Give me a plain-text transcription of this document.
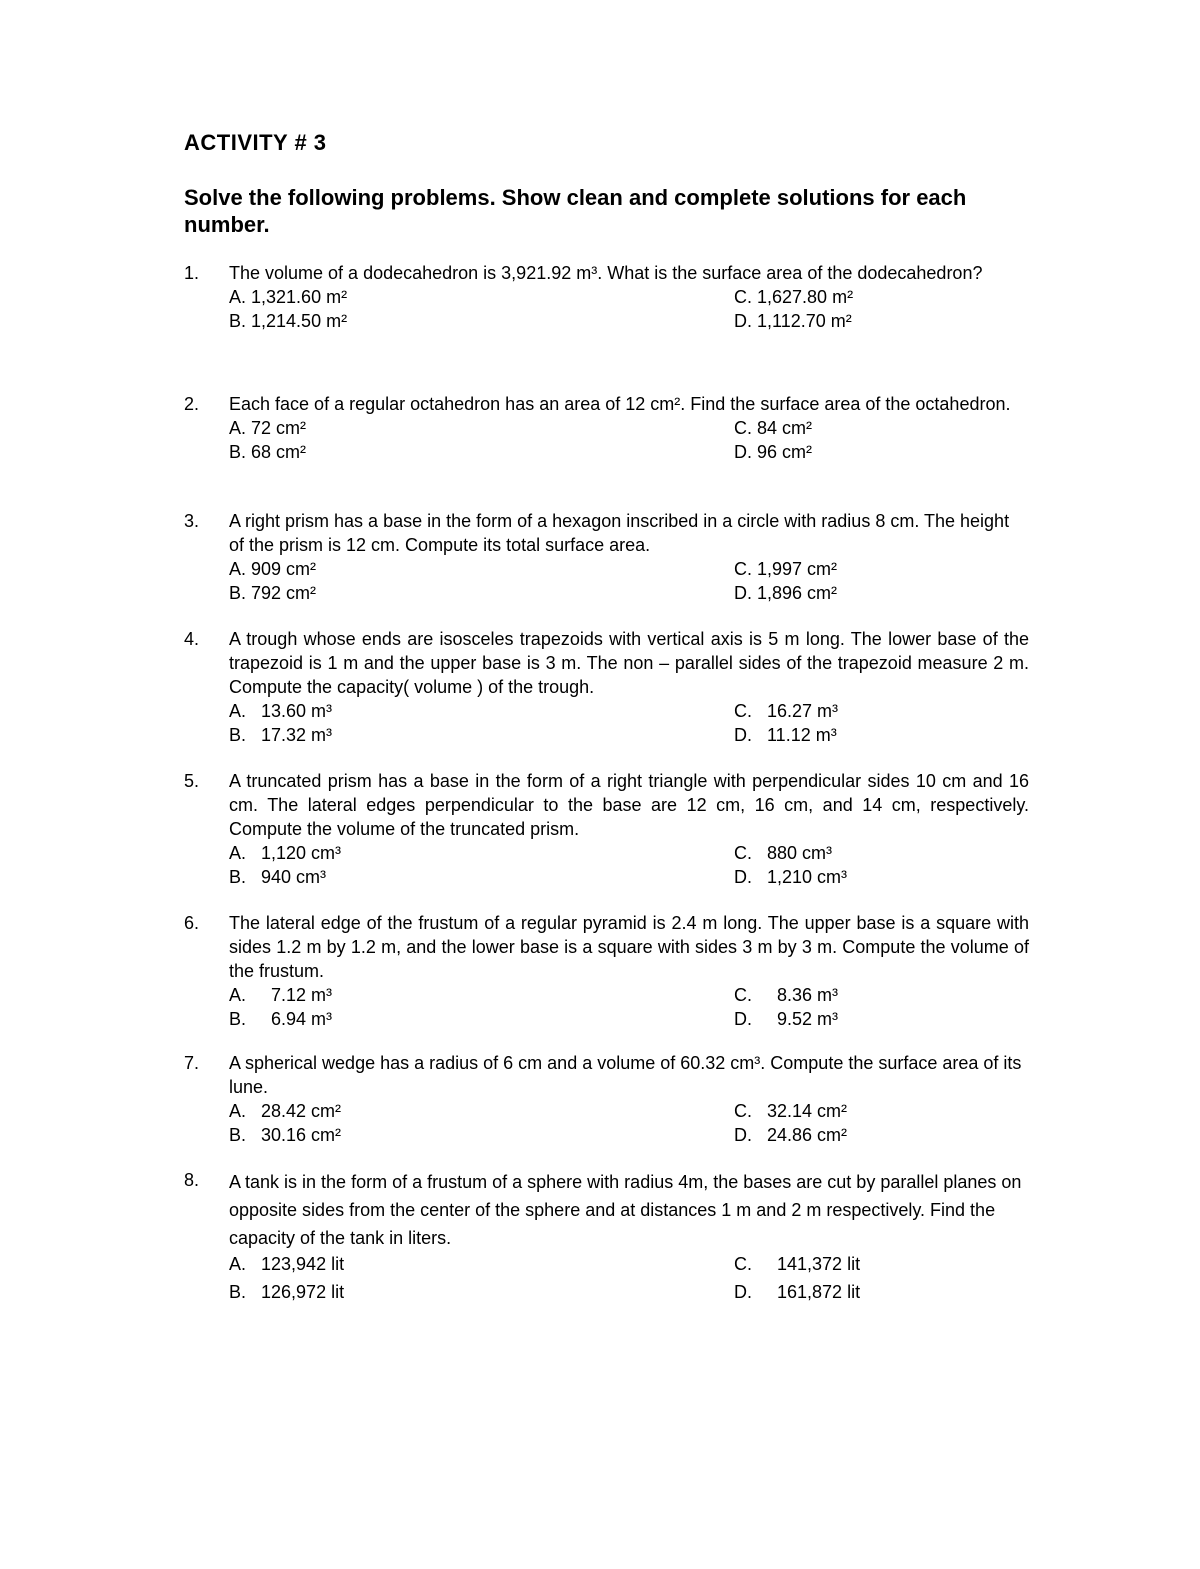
ACTIVITY # 3
Solve the following problems. Show clean and complete solutions for each number.
1.	The volume of a dodecahedron is 3,921.92 m³. What is the surface area of the dodecahedron?
A. 1,321.60 m²
B. 1,214.50 m²
C. 1,627.80 m²
D. 1,112.70 m²
2.	Each face of a regular octahedron has an area of 12 cm². Find the surface area of the octahedron.
A. 72 cm²
B. 68 cm²
C. 84 cm²
D. 96 cm²
3.	A right prism has a base in the form of a hexagon inscribed in a circle with radius 8 cm. The height of the prism is 12 cm. Compute its total surface area.
A. 909 cm²
B. 792 cm²
C. 1,997 cm²
D. 1,896 cm²
4.	A trough whose ends are isosceles trapezoids with vertical axis is 5 m long. The lower base of the trapezoid is 1 m and the upper base is 3 m. The non – parallel sides of the trapezoid measure 2 m. Compute the capacity( volume ) of the trough.
A.   13.60 m³
B.   17.32 m³
C.   16.27 m³
D.   11.12 m³
5.	A truncated prism has a base in the form of a right triangle with perpendicular sides 10 cm and 16 cm. The lateral edges perpendicular to the base are 12 cm, 16 cm, and 14 cm, respectively. Compute the volume of the truncated prism.
A.   1,120 cm³
B.   940 cm³
C.   880 cm³
D.   1,210 cm³
6.	The lateral edge of the frustum of a regular pyramid is 2.4 m long. The upper base is a square with sides 1.2 m by 1.2 m, and the lower base is a square with sides 3 m by 3 m. Compute the volume of the frustum.
A.     7.12 m³
B.     6.94 m³
C.     8.36 m³
D.     9.52 m³
7.	A spherical wedge has a radius of 6 cm and a volume of 60.32 cm³. Compute the surface area of its lune.
A.   28.42 cm²
B.   30.16 cm²
C.   32.14 cm²
D.   24.86 cm²
8.	A tank is in the form of a frustum of a sphere with radius 4m, the bases are cut by parallel planes on opposite sides from the center of the sphere and at distances 1 m and 2 m respectively. Find the capacity of the tank in liters.
A.   123,942 lit
B.   126,972 lit
C.     141,372 lit
D.     161,872 lit
